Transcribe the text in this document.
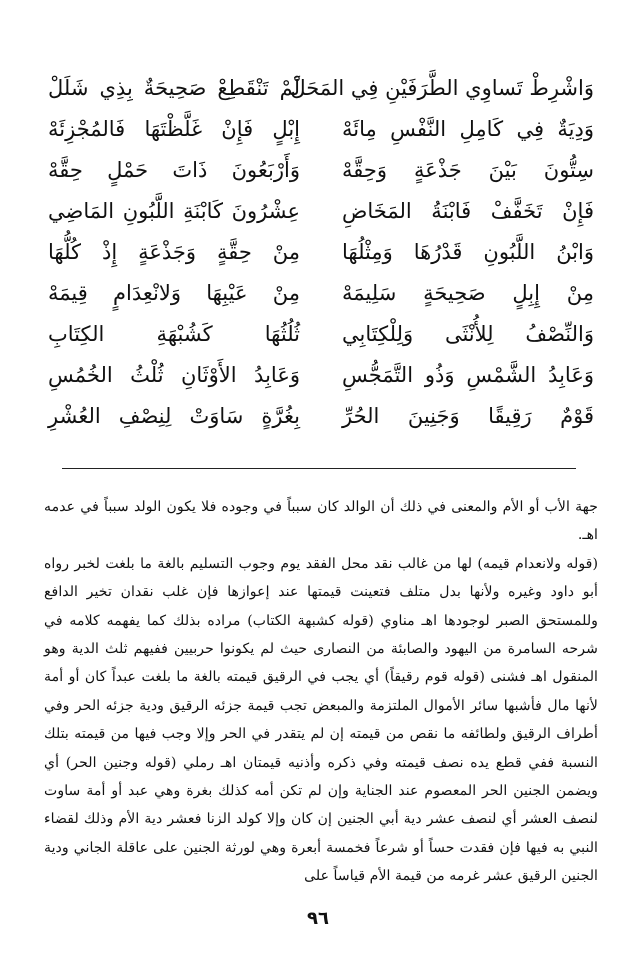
وَاشْرِطْ تَساوِي الطَّرَفَيْنِ فِي المَحَلْ
لَمْ تَنْقَطِعْ صَحِيحَةٌ بِذِي شَلَلْ
وَدِيَةٌ فِي كَامِلِ النَّفْسِ مِائَهْ
إِبْلٍ فَإِنْ غَلَّظْتَهَا فَالمُجْزِئَهْ
سِتُّونَ بَيْنَ جَذْعَةٍ وَحِقَّهْ
وَأَرْبَعُونَ ذَاتَ حَمْلٍ حِقَّهْ
فَإِنْ تَخَفَّفْ فَابْنَةُ المَخَاضِ
عِشْرُونَ كَابْنَةِ اللَّبُونِ المَاضِي
وَابْنُ اللَّبُونِ قَدْرُهَا وَمِثْلُهَا
مِنْ حِقَّةٍ وَجَذْعَةٍ إِذْ كُلُّهَا
مِنْ إِبِلٍ صَحِيحَةٍ سَلِيمَهْ
مِنْ عَيْبِهَا وَلانْعِدَامٍ قِيمَهْ
وَالنِّصْفُ لِلأُنْثَى وَلِلْكِتَابِي
ثُلُثُهَا كَشُبْهَةِ الكِتَابِ
وَعَابِدُ الشَّمْسِ وَذُو التَّمَجُّسِ
وَعَابِدُ الأَوْثَانِ ثُلْثُ الخُمُسِ
قَوْمٌ رَقِيقًا وَجَنِينَ الحُرِّ
بِغُرَّةٍ سَاوَتْ لِنِصْفِ العُشْرِ

جهة الأب أو الأم والمعنى في ذلك أن الوالد كان سبباً في وجوده فلا يكون الولد سبباً في عدمه اهـ.

(قوله ولانعدام قيمه) لها من غالب نقد محل الفقد يوم وجوب التسليم بالغة ما بلغت لخبر رواه أبو داود وغيره ولأنها بدل متلف فتعينت قيمتها عند إعوازها فإن غلب نقدان تخير الدافع وللمستحق الصبر لوجودها اهـ مناوي (قوله كشبهة الكتاب) مراده بذلك كما يفهمه كلامه في شرحه السامرة من اليهود والصابئة من النصارى حيث لم يكونوا حربيين ففيهم ثلث الدية وهو المنقول اهـ فشنى (قوله قوم رقيقاً) أي يجب في الرقيق قيمته بالغة ما بلغت عبداً كان أو أمة لأنها مال فأشبها سائر الأموال الملتزمة والمبعض تجب قيمة جزئه الرقيق ودية جزئه الحر وفي أطراف الرقيق ولطائفه ما نقص من قيمته إن لم يتقدر في الحر وإلا وجب فيها من قيمته بتلك النسبة ففي قطع يده نصف قيمته وفي ذكره وأذنيه قيمتان اهـ رملي (قوله وجنين الحر) أي ويضمن الجنين الحر المعصوم عند الجناية وإن لم تكن أمه كذلك بغرة وهي عبد أو أمة ساوت لنصف العشر أي لنصف عشر دية أبي الجنين إن كان وإلا كولد الزنا فعشر دية الأم وذلك لقضاء النبي به فيها فإن فقدت حساً أو شرعاً فخمسة أبعرة وهي لورثة الجنين على عاقلة الجاني ودية الجنين الرقيق عشر غرمه من قيمة الأم قياساً على

٩٦
